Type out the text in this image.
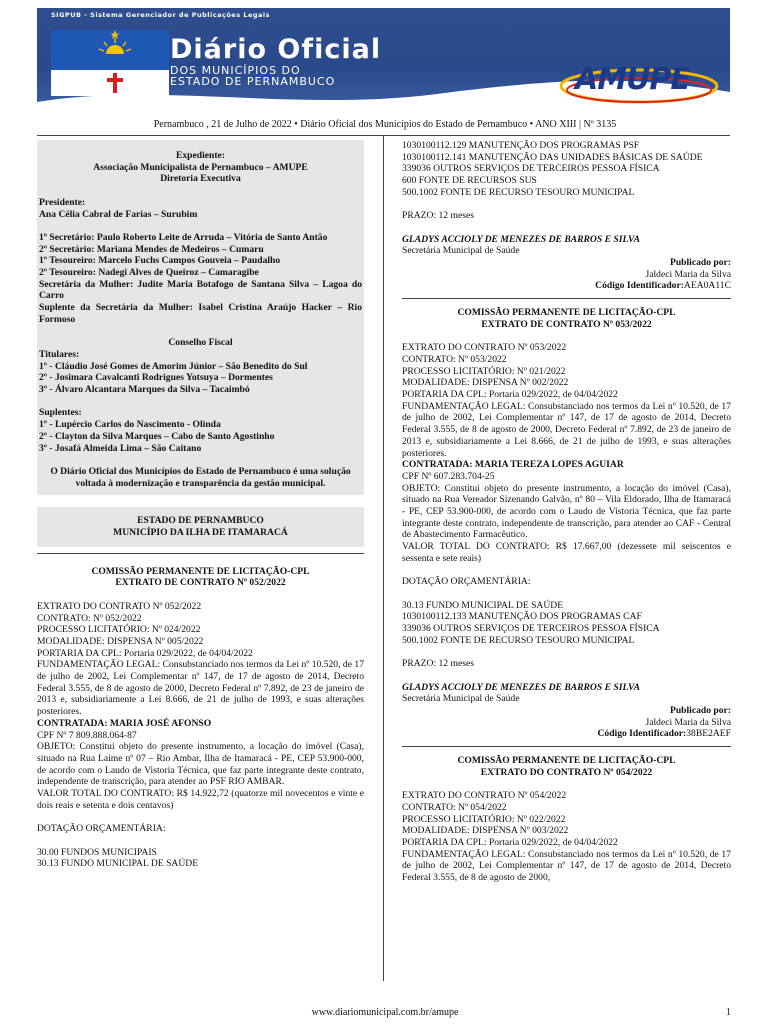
SIGPUB - Sistema Gerenciador de Publicações Legais
Diário Oficial
DOS MUNICÍPIOS DO
ESTADO DE PERNAMBUCO	AMUPE
Pernambuco , 21 de Julho de 2022 • Diário Oficial dos Municípios do Estado de Pernambuco • ANO XIII | Nº 3135
Expediente:
Associação Municipalista de Pernambuco – AMUPE
Diretoria Executiva
Presidente:
Ana Célia Cabral de Farias – Surubim
1º Secretário: Paulo Roberto Leite de Arruda – Vitória de Santo Antão
2º Secretário: Mariana Mendes de Medeiros – Cumaru
1º Tesoureiro: Marcelo Fuchs Campos Gouveia – Paudalho
2º Tesoureiro: Nadegi Alves de Queiroz – Camaragibe
Secretária da Mulher: Judite Maria Botafogo de Santana Silva – Lagoa do Carro
Suplente da Secretária da Mulher: Isabel Cristina Araújo Hacker – Rio Formoso
Conselho Fiscal
Titulares:
1º - Cláudio José Gomes de Amorim Júnior – São Benedito do Sul
2º - Josimara Cavalcanti Rodrigues Yotsuya – Dormentes
3º - Álvaro Alcantara Marques da Silva – Tacaimbó
Suplentes:
1º - Lupércio Carlos do Nascimento - Olinda
2º - Clayton da Silva Marques – Cabo de Santo Agostinho
3º - Josafá Almeida Lima – São Caitano
O Diário Oficial dos Municípios do Estado de Pernambuco é uma solução voltada à modernização e transparência da gestão municipal.
ESTADO DE PERNAMBUCO
MUNICÍPIO DA ILHA DE ITAMARACÁ
COMISSÃO PERMANENTE DE LICITAÇÃO-CPL
EXTRATO DE CONTRATO Nº 052/2022
EXTRATO DO CONTRATO Nº 052/2022
CONTRATO: Nº 052/2022
PROCESSO LICITATÓRIO: Nº 024/2022
MODALIDADE: DISPENSA Nº 005/2022
PORTARIA DA CPL: Portaria 029/2022, de 04/04/2022
FUNDAMENTAÇÃO LEGAL: Consubstanciado nos termos da Lei nº 10.520, de 17 de julho de 2002, Lei Complementar nº 147, de 17 de agosto de 2014, Decreto Federal 3.555, de 8 de agosto de 2000, Decreto Federal nº 7.892, de 23 de janeiro de 2013 e, subsidiariamente a Lei 8.666, de 21 de julho de 1993, e suas alterações posteriores.
CONTRATADA: MARIA JOSÉ AFONSO
CPF Nº 7 809.888.064-87
OBJETO: Constitui objeto do presente instrumento, a locação do imóvel (Casa), situado na Rua Laime nº 07 – Rio Ambar, Ilha de Itamaracá - PE, CEP 53.900-000, de acordo com o Laudo de Vistoria Técnica, que faz parte integrante deste contrato, independente de transcrição, para atender ao PSF RIO AMBAR.
VALOR TOTAL DO CONTRATO: R$ 14.922,72 (quatorze mil novecentos e vinte e dois reais e setenta e dois centavos)
DOTAÇÃO ORÇAMENTÁRIA:
30.00 FUNDOS MUNICIPAIS
30.13 FUNDO MUNICIPAL DE SAÚDE
1030100112.129 MANUTENÇÃO DOS PROGRAMAS PSF
1030100112.141 MANUTENÇÃO DAS UNIDADES BÁSICAS DE SAÚDE
339036 OUTROS SERVIÇOS DE TERCEIROS PESSOA FÍSICA
600 FONTE DE RECURSOS SUS
500.1002 FONTE DE RECURSO TESOURO MUNICIPAL
PRAZO: 12 meses
GLADYS ACCIOLY DE MENEZES DE BARROS E SILVA
Secretária Municipal de Saúde
Publicado por:
Jaldeci Maria da Silva
Código Identificador:AEA0A11C
COMISSÃO PERMANENTE DE LICITAÇÃO-CPL
EXTRATO DE CONTRATO Nº 053/2022
EXTRATO DO CONTRATO Nº 053/2022
CONTRATO: Nº 053/2022
PROCESSO LICITATÓRIO: Nº 021/2022
MODALIDADE: DISPENSA Nº 002/2022
PORTARIA DA CPL: Portaria 029/2022, de 04/04/2022
FUNDAMENTAÇÃO LEGAL: Consubstanciado nos termos da Lei nº 10.520, de 17 de julho de 2002, Lei Complementar nº 147, de 17 de agosto de 2014, Decreto Federal 3.555, de 8 de agosto de 2000, Decreto Federal nº 7.892, de 23 de janeiro de 2013 e, subsidiariamente a Lei 8.666, de 21 de julho de 1993, e suas alterações posteriores.
CONTRATADA: MARIA TEREZA LOPES AGUIAR
CPF Nº 607.283.704-25
OBJETO: Constitui objeto do presente instrumento, a locação do imóvel (Casa), situado na Rua Vereador Sizenando Galvão, nº 80 – Vila Eldorado, Ilha de Itamaracá - PE, CEP 53.900-000, de acordo com o Laudo de Vistoria Técnica, que faz parte integrante deste contrato, independente de transcrição, para atender ao CAF - Central de Abastecimento Farmacêutico.
VALOR TOTAL DO CONTRATO: R$ 17.667,00 (dezessete mil seiscentos e sessenta e sete reais)
DOTAÇÃO ORÇAMENTÁRIA:
30.13 FUNDO MUNICIPAL DE SAÚDE
1030100112.133 MANUTENÇÃO DOS PROGRAMAS CAF
339036 OUTROS SERVIÇOS DE TERCEIROS PESSOA FÍSICA
500.1002 FONTE DE RECURSO TESOURO MUNICIPAL
PRAZO: 12 meses
GLADYS ACCIOLY DE MENEZES DE BARROS E SILVA
Secretária Municipal de Saúde
Publicado por:
Jaldeci Maria da Silva
Código Identificador:38BE2AEF
COMISSÃO PERMANENTE DE LICITAÇÃO-CPL
EXTRATO DO CONTRATO Nº 054/2022
EXTRATO DO CONTRATO Nº 054/2022
CONTRATO: Nº 054/2022
PROCESSO LICITATÓRIO: Nº 022/2022
MODALIDADE: DISPENSA Nº 003/2022
PORTARIA DA CPL: Portaria 029/2022, de 04/04/2022
FUNDAMENTAÇÃO LEGAL: Consubstanciado nos termos da Lei nº 10.520, de 17 de julho de 2002, Lei Complementar nº 147, de 17 de agosto de 2014, Decreto Federal 3.555, de 8 de agosto de 2000,
www.diariomunicipal.com.br/amupe	1
